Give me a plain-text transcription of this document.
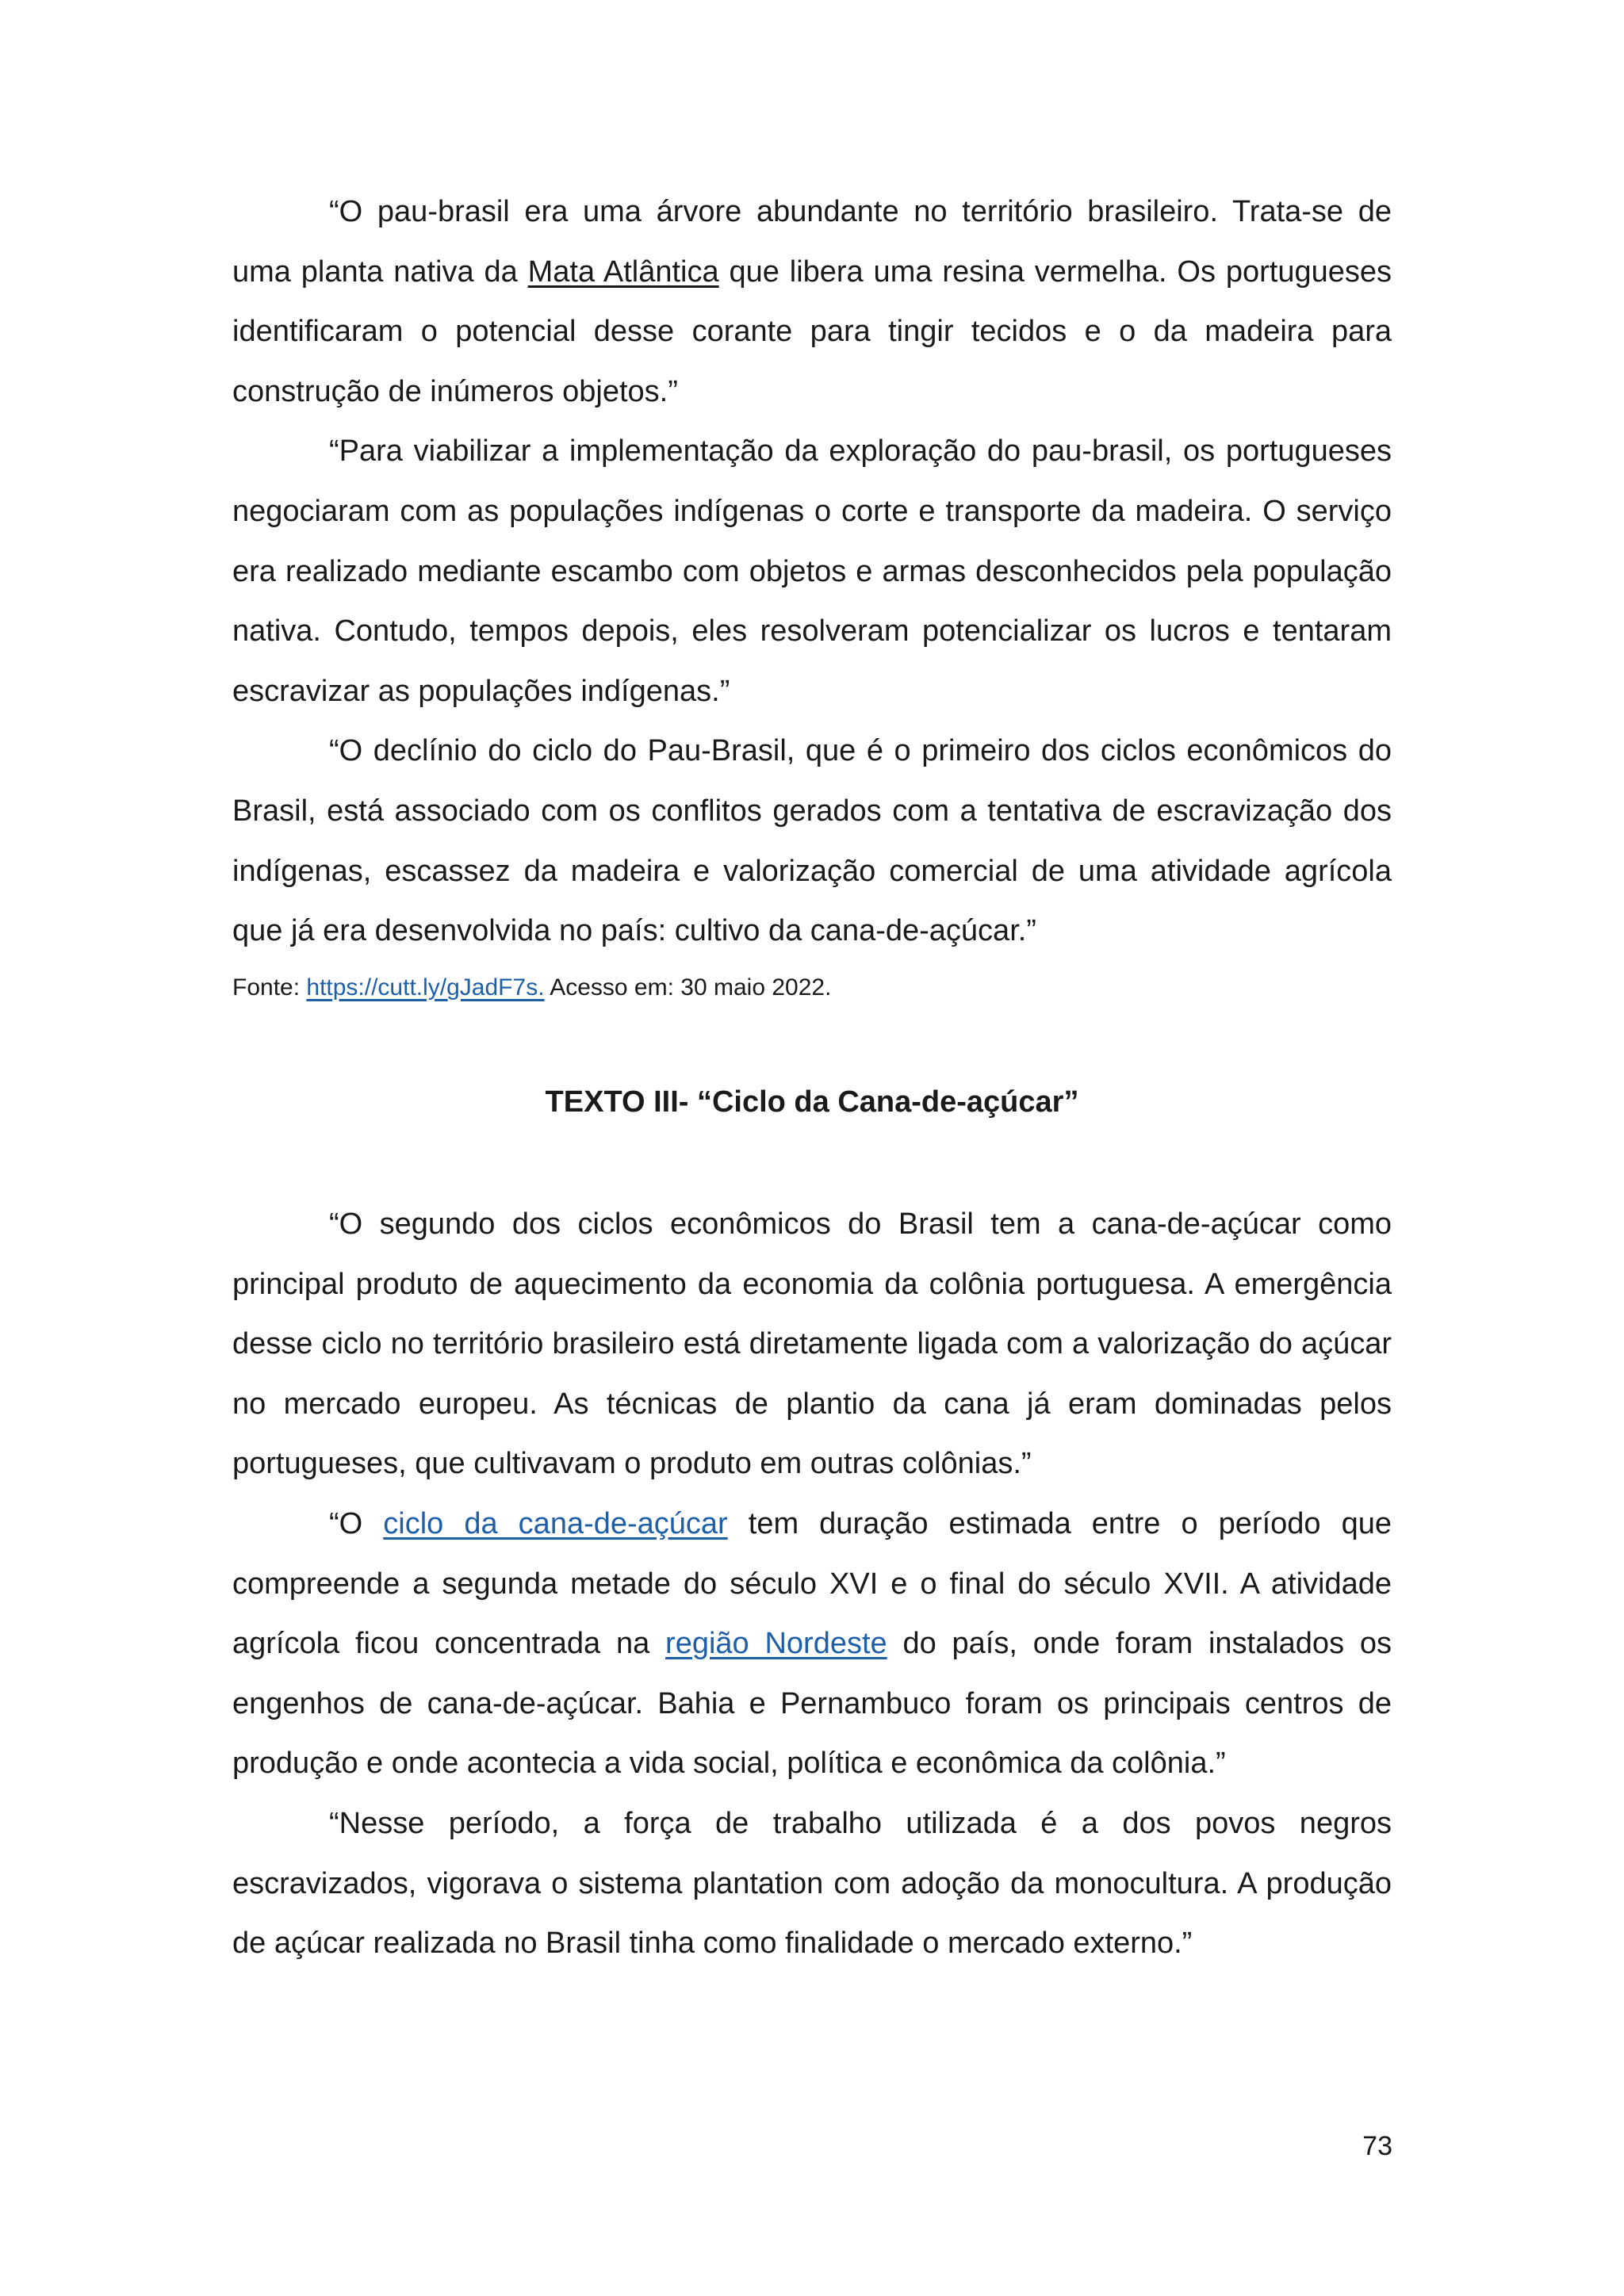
“O pau-brasil era uma árvore abundante no território brasileiro. Trata-se de uma planta nativa da Mata Atlântica que libera uma resina vermelha. Os portugueses identificaram o potencial desse corante para tingir tecidos e o da madeira para construção de inúmeros objetos.”

“Para viabilizar a implementação da exploração do pau-brasil, os portugueses negociaram com as populações indígenas o corte e transporte da madeira. O serviço era realizado mediante escambo com objetos e armas desconhecidos pela população nativa. Contudo, tempos depois, eles resolveram potencializar os lucros e tentaram escravizar as populações indígenas.”

“O declínio do ciclo do Pau-Brasil, que é o primeiro dos ciclos econômicos do Brasil, está associado com os conflitos gerados com a tentativa de escravização dos indígenas, escassez da madeira e valorização comercial de uma atividade agrícola que já era desenvolvida no país: cultivo da cana-de-açúcar.”

Fonte: https://cutt.ly/gJadF7s. Acesso em: 30 maio 2022.

TEXTO III- “Ciclo da Cana-de-açúcar”

“O segundo dos ciclos econômicos do Brasil tem a cana-de-açúcar como principal produto de aquecimento da economia da colônia portuguesa. A emergência desse ciclo no território brasileiro está diretamente ligada com a valorização do açúcar no mercado europeu. As técnicas de plantio da cana já eram dominadas pelos portugueses, que cultivavam o produto em outras colônias.”

“O ciclo da cana-de-açúcar tem duração estimada entre o período que compreende a segunda metade do século XVI e o final do século XVII. A atividade agrícola ficou concentrada na região Nordeste do país, onde foram instalados os engenhos de cana-de-açúcar. Bahia e Pernambuco foram os principais centros de produção e onde acontecia a vida social, política e econômica da colônia.”

“Nesse período, a força de trabalho utilizada é a dos povos negros escravizados, vigorava o sistema plantation com adoção da monocultura. A produção de açúcar realizada no Brasil tinha como finalidade o mercado externo.”

73
